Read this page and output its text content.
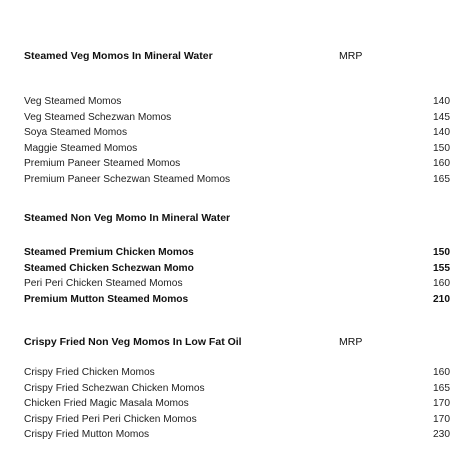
Steamed Veg Momos In Mineral Water	MRP
Veg Steamed Momos	140
Veg Steamed Schezwan Momos	145
Soya Steamed Momos	140
Maggie Steamed Momos	150
Premium Paneer Steamed Momos	160
Premium Paneer Schezwan Steamed Momos	165
Steamed Non Veg Momo In Mineral Water
Steamed Premium Chicken Momos	150
Steamed Chicken Schezwan Momo	155
Peri Peri Chicken Steamed Momos	160
Premium Mutton Steamed Momos	210
Crispy Fried Non Veg Momos In Low Fat Oil	MRP
Crispy Fried Chicken Momos	160
Crispy Fried Schezwan Chicken Momos	165
Chicken Fried Magic Masala Momos	170
Crispy Fried Peri Peri Chicken Momos	170
Crispy Fried Mutton Momos	230
